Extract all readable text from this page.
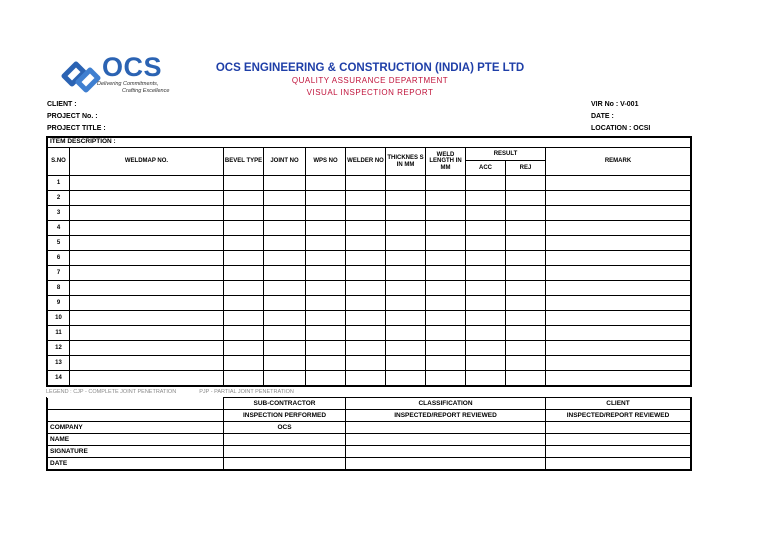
OCS
Delivering Commitments,
Crafting Excellence
OCS ENGINEERING & CONSTRUCTION (INDIA) PTE LTD
QUALITY ASSURANCE DEPARTMENT
VISUAL INSPECTION REPORT
CLIENT :
PROJECT No. :
PROJECT TITLE :
VIR No : V-001
DATE :
LOCATION : OCSI
ITEM DESCRIPTION :										
S.NO	WELDMAP NO.	BEVEL TYPE	JOINT NO	WPS NO	WELDER NO	THICKNES S IN MM	WELD LENGTH IN MM	RESULT		REMARK
								ACC	REJ	
1										
2										
3										
4										
5										
6										
7										
8										
9										
10										
11										
12										
13										
14										
LEGEND : CJP - COMPLETE JOINT PENETRATION	PJP - PARTIAL JOINT PENETRATION
	SUB-CONTRACTOR	CLASSIFICATION	CLIENT
	INSPECTION PERFORMED	INSPECTED/REPORT REVIEWED	INSPECTED/REPORT REVIEWED
COMPANY	OCS		
NAME			
SIGNATURE			
DATE			
